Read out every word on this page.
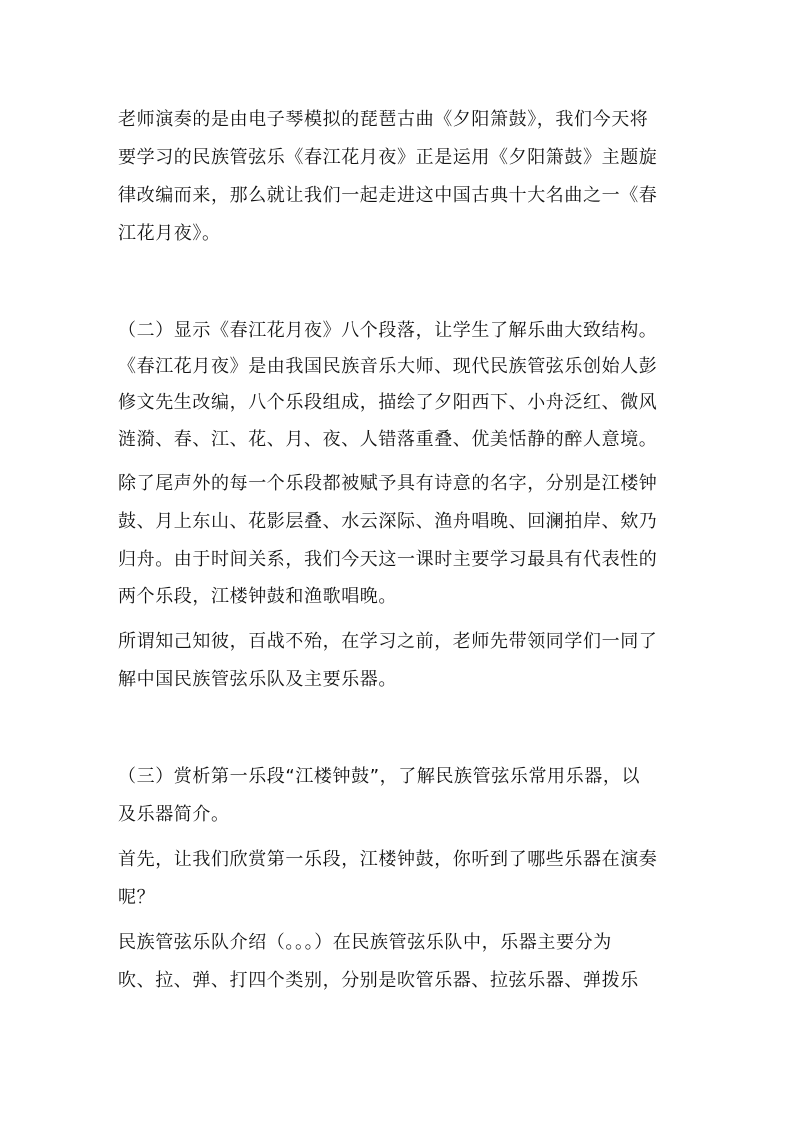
老师演奏的是由电子琴模拟的琵琶古曲《夕阳箫鼓》，我们今天将
要学习的民族管弦乐《春江花月夜》正是运用《夕阳箫鼓》主题旋
律改编而来，那么就让我们一起走进这中国古典十大名曲之一《春
江花月夜》。
（二）显示《春江花月夜》八个段落，让学生了解乐曲大致结构。
《春江花月夜》是由我国民族音乐大师、现代民族管弦乐创始人彭
修文先生改编，八个乐段组成，描绘了夕阳西下、小舟泛红、微风
涟漪、春、江、花、月、夜、人错落重叠、优美恬静的醉人意境。
除了尾声外的每一个乐段都被赋予具有诗意的名字，分别是江楼钟
鼓、月上东山、花影层叠、水云深际、渔舟唱晚、回澜拍岸、欸乃
归舟。由于时间关系，我们今天这一课时主要学习最具有代表性的
两个乐段，江楼钟鼓和渔歌唱晚。
所谓知己知彼，百战不殆，在学习之前，老师先带领同学们一同了
解中国民族管弦乐队及主要乐器。
（三）赏析第一乐段“江楼钟鼓”，了解民族管弦乐常用乐器，以
及乐器简介。
首先，让我们欣赏第一乐段，江楼钟鼓，你听到了哪些乐器在演奏
呢？
民族管弦乐队介绍（。。。）在民族管弦乐队中，乐器主要分为
吹、拉、弹、打四个类别，分别是吹管乐器、拉弦乐器、弹拨乐
